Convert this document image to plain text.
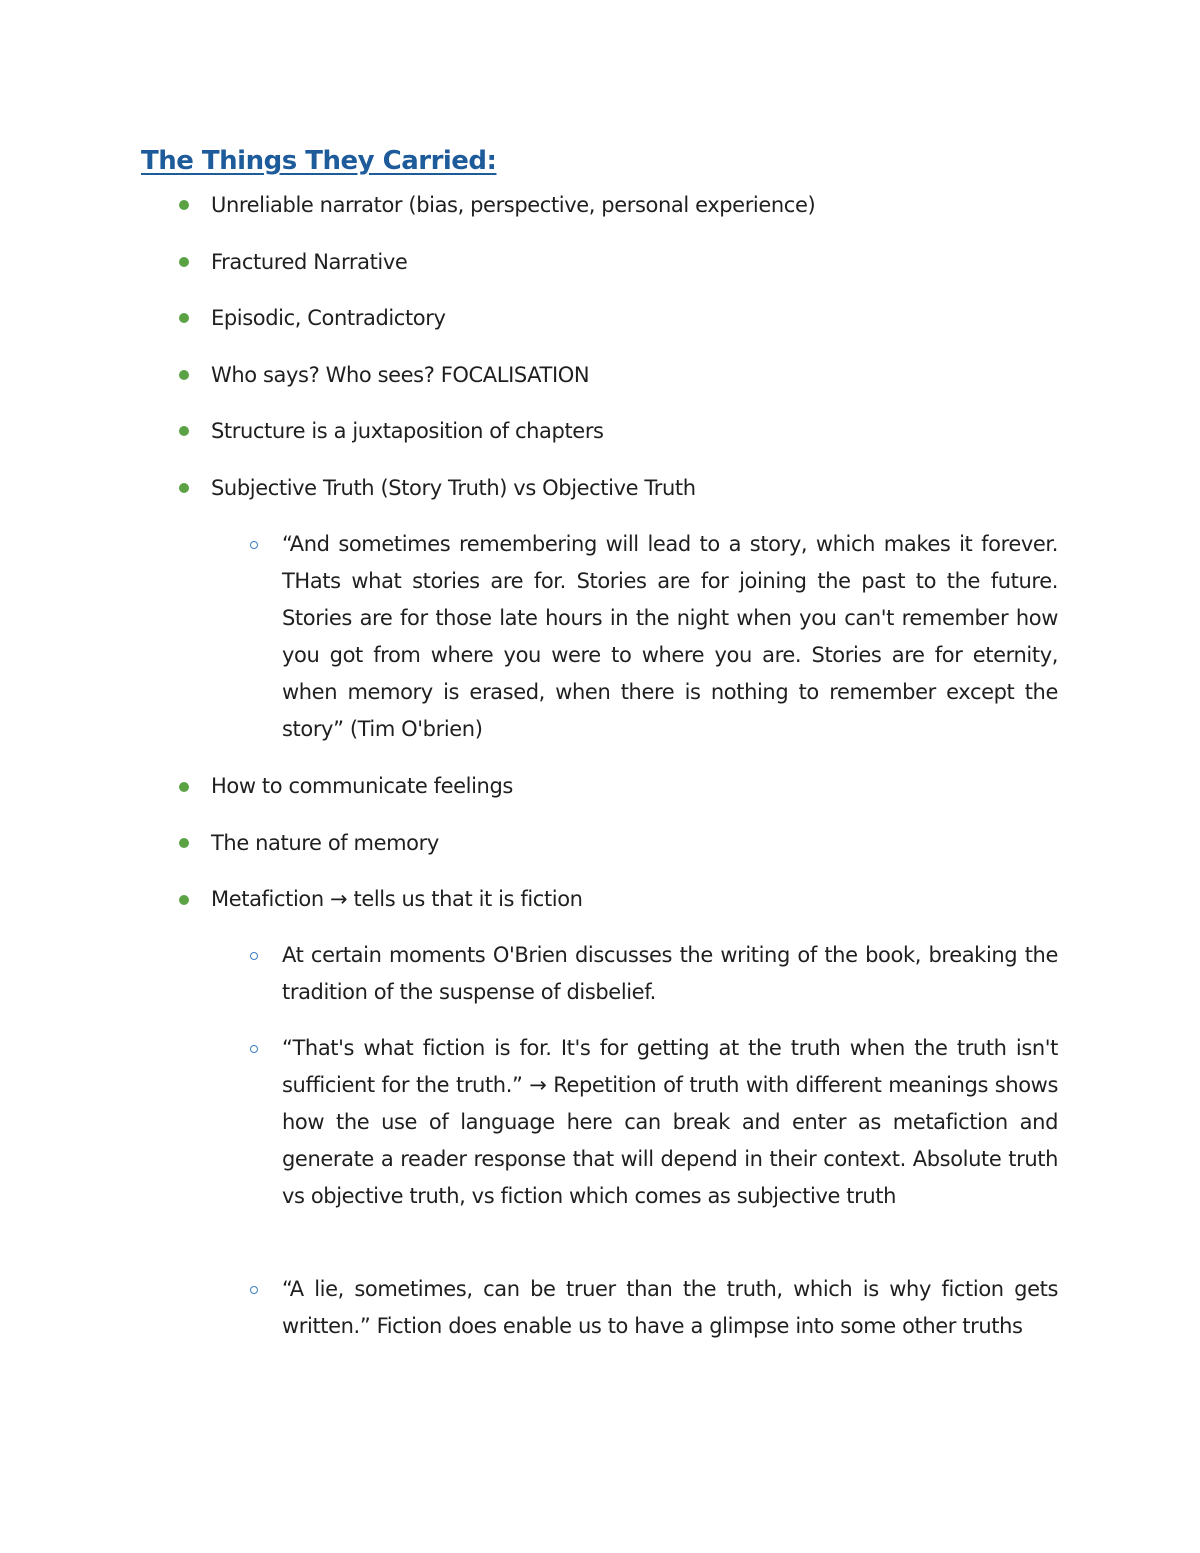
The Things They Carried:
Unreliable narrator (bias, perspective, personal experience)
Fractured Narrative
Episodic, Contradictory
Who says? Who sees? FOCALISATION
Structure is a juxtaposition of chapters
Subjective Truth (Story Truth) vs Objective Truth

“And sometimes remembering will lead to a story, which makes it forever. THats what stories are for. Stories are for joining the past to the future. Stories are for those late hours in the night when you can't remember how you got from where you were to where you are. Stories are for eternity, when memory is erased, when there is nothing to remember except the story” (Tim O'brien)

How to communicate feelings
The nature of memory
Metafiction → tells us that it is fiction

At certain moments O'Brien discusses the writing of the book, breaking the tradition of the suspense of disbelief.

“That's what fiction is for. It's for getting at the truth when the truth isn't sufficient for the truth.” → Repetition of truth with different meanings shows how the use of language here can break and enter as metafiction and generate a reader response that will depend in their context. Absolute truth vs objective truth, vs fiction which comes as subjective truth

“A lie, sometimes, can be truer than the truth, which is why fiction gets written.” Fiction does enable us to have a glimpse into some other truths
